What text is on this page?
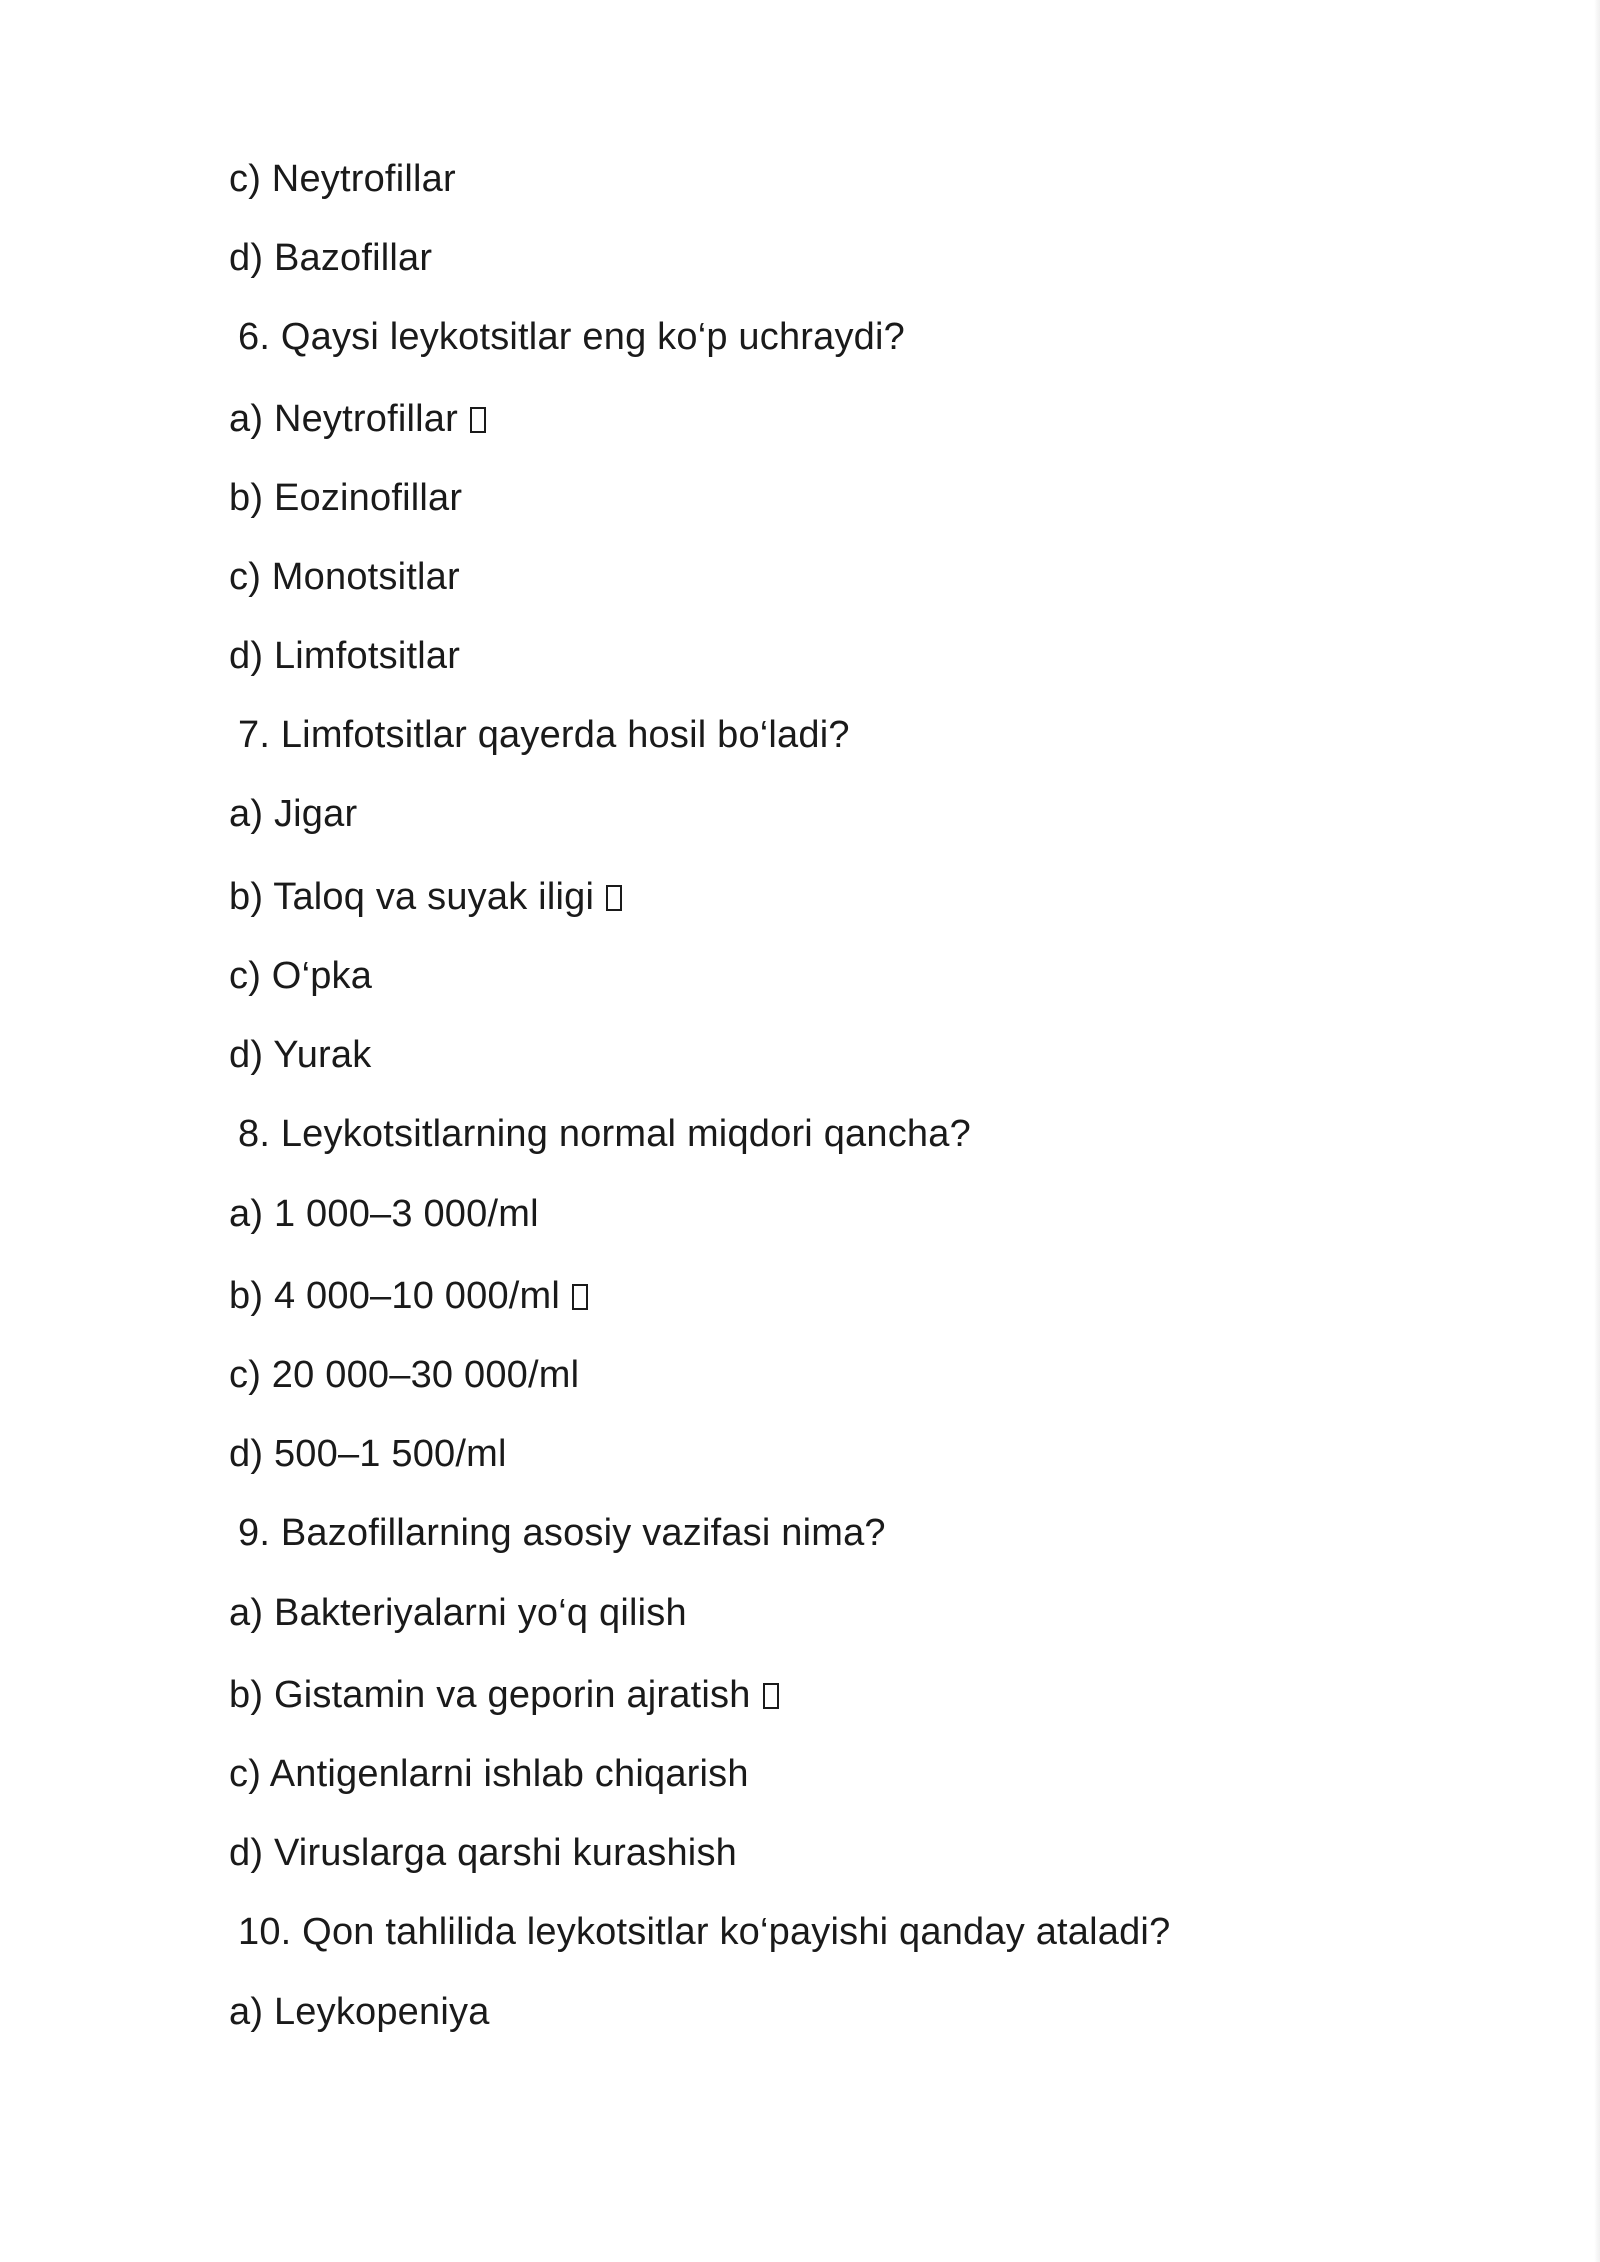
c) Neytrofillar
d) Bazofillar
6. Qaysi leykotsitlar eng ko‘p uchraydi?
a) Neytrofillar
b) Eozinofillar
c) Monotsitlar
d) Limfotsitlar
7. Limfotsitlar qayerda hosil bo‘ladi?
a) Jigar
b) Taloq va suyak iligi
c) O‘pka
d) Yurak
8. Leykotsitlarning normal miqdori qancha?
a) 1 000–3 000/ml
b) 4 000–10 000/ml
c) 20 000–30 000/ml
d) 500–1 500/ml
9. Bazofillarning asosiy vazifasi nima?
a) Bakteriyalarni yo‘q qilish
b) Gistamin va geporin ajratish
c) Antigenlarni ishlab chiqarish
d) Viruslarga qarshi kurashish
10. Qon tahlilida leykotsitlar ko‘payishi qanday ataladi?
a) Leykopeniya
